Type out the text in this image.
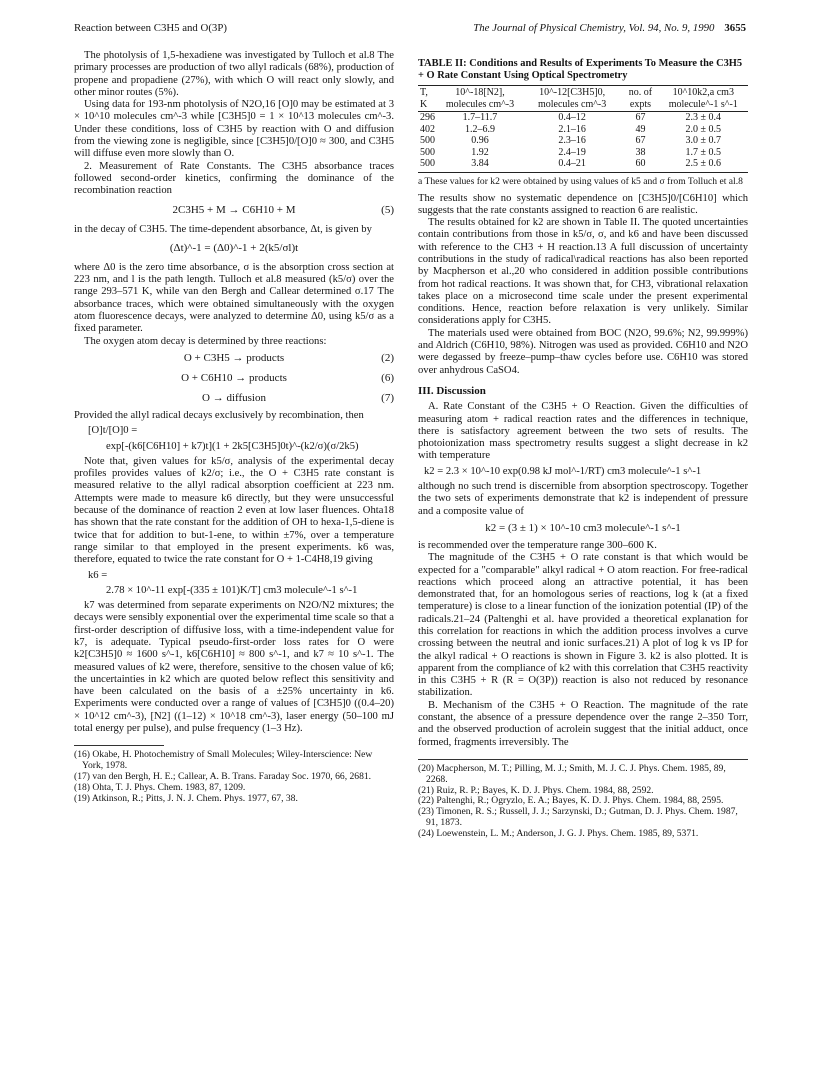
Reaction between C3H5 and O(3P)	The Journal of Physical Chemistry, Vol. 94, No. 9, 1990 3655

The photolysis of 1,5-hexadiene was investigated by Tulloch et al.8 The primary processes are production of two allyl radicals (68%), production of propene and propadiene (27%), with which O will react only slowly, and other minor routes (5%).

Using data for 193-nm photolysis of N2O,16 [O]0 may be estimated at 3 × 10^10 molecules cm^-3 while [C3H5]0 = 1 × 10^13 molecules cm^-3. Under these conditions, loss of C3H5 by reaction with O and diffusion from the viewing zone is negligible, since [C3H5]0/[O]0 ≈ 300, and C3H5 will diffuse even more slowly than O.

2. Measurement of Rate Constants. The C3H5 absorbance traces followed second-order kinetics, confirming the dominance of the recombination reaction

2C3H5 + M → C6H10 + M	(5)

in the decay of C3H5. The time-dependent absorbance, Δt, is given by

(Δt)^-1 = (Δ0)^-1 + 2(k5/σl)t

where Δ0 is the zero time absorbance, σ is the absorption cross section at 223 nm, and l is the path length. Tulloch et al.8 measured (k5/σ) over the range 293–571 K, while van den Bergh and Callear determined σ.17 The absorbance traces, which were obtained simultaneously with the oxygen atom fluorescence decays, were analyzed to determine Δ0, using k5/σ as a fixed parameter.

The oxygen atom decay is determined by three reactions:

O + C3H5 → products	(2)
O + C6H10 → products	(6)
O → diffusion	(7)

Provided the allyl radical decays exclusively by recombination, then

[O]t/[O]0 =
exp[-(k6[C6H10] + k7)t](1 + 2k5[C3H5]0t)^-(k2/σ)(σ/2k5)

Note that, given values for k5/σ, analysis of the experimental decay profiles provides values of k2/σ; i.e., the O + C3H5 rate constant is measured relative to the allyl radical absorption coefficient at 223 nm. Attempts were made to measure k6 directly, but they were unsuccessful because of the dominance of reaction 2 even at low laser fluences. Ohta18 has shown that the rate constant for the addition of OH to hexa-1,5-diene is twice that for addition to but-1-ene, to within ±7%, over a temperature range similar to that employed in the present experiments. k6 was, therefore, equated to twice the rate constant for O + 1-C4H8,19 giving

k6 =
2.78 × 10^-11 exp[-(335 ± 101)K/T] cm3 molecule^-1 s^-1

k7 was determined from separate experiments on N2O/N2 mixtures; the decays were sensibly exponential over the experimental time scale so that a first-order description of diffusive loss, with a time-independent value for k7, is adequate. Typical pseudo-first-order loss rates for O were k2[C3H5]0 ≈ 1600 s^-1, k6[C6H10] ≈ 800 s^-1, and k7 ≈ 10 s^-1. The measured values of k2 were, therefore, sensitive to the chosen value of k6; the uncertainties in k2 which are quoted below reflect this sensitivity and have been calculated on the basis of a ±25% uncertainty in k6. Experiments were conducted over a range of values of [C3H5]0 ((0.4–20) × 10^12 cm^-3), [N2] ((1–12) × 10^18 cm^-3), laser energy (50–100 mJ total energy per pulse), and pulse frequency (1–3 Hz).

(16) Okabe, H. Photochemistry of Small Molecules; Wiley-Interscience: New York, 1978.
(17) van den Bergh, H. E.; Callear, A. B. Trans. Faraday Soc. 1970, 66, 2681.
(18) Ohta, T. J. Phys. Chem. 1983, 87, 1209.
(19) Atkinson, R.; Pitts, J. N. J. Chem. Phys. 1977, 67, 38.
TABLE II: Conditions and Results of Experiments To Measure the C3H5 + O Rate Constant Using Optical Spectrometry
T, K	10^-18[N2], molecules cm^-3	10^-12[C3H5]0, molecules cm^-3	no. of expts	10^10k2,a cm3 molecule^-1 s^-1
296	1.7–11.7	0.4–12	67	2.3 ± 0.4
402	1.2–6.9	2.1–16	49	2.0 ± 0.5
500	0.96	2.3–16	67	3.0 ± 0.7
500	1.92	2.4–19	38	1.7 ± 0.5
500	3.84	0.4–21	60	2.5 ± 0.6
a These values for k2 were obtained by using values of k5 and σ from Tolluch et al.8

The results show no systematic dependence on [C3H5]0/[C6H10] which suggests that the rate constants assigned to reaction 6 are realistic.

The results obtained for k2 are shown in Table II. The quoted uncertainties contain contributions from those in k5/σ, σ, and k6 and have been discussed with reference to the CH3 + H reaction.13 A full discussion of uncertainty contributions in the study of radical\radical reactions has also been reported by Macpherson et al.,20 who considered in addition possible contributions from hot radical reactions. It was shown that, for CH3, vibrational relaxation takes place on a microsecond time scale under the present experimental conditions. Hence, reaction before relaxation is very unlikely. Similar considerations apply for C3H5.

The materials used were obtained from BOC (N2O, 99.6%; N2, 99.999%) and Aldrich (C6H10, 98%). Nitrogen was used as provided. C6H10 and N2O were degassed by freeze–pump–thaw cycles before use. C6H10 was stored over anhydrous CaSO4.

III. Discussion

A. Rate Constant of the C3H5 + O Reaction. Given the difficulties of measuring atom + radical reaction rates and the differences in technique, there is satisfactory agreement between the two sets of results. The photoionization mass spectrometry results suggest a slight decrease in k2 with temperature

k2 = 2.3 × 10^-10 exp(0.98 kJ mol^-1/RT) cm3 molecule^-1 s^-1

although no such trend is discernible from absorption spectroscopy. Together the two sets of experiments demonstrate that k2 is independent of pressure and a composite value of

k2 = (3 ± 1) × 10^-10 cm3 molecule^-1 s^-1

is recommended over the temperature range 300–600 K.

The magnitude of the C3H5 + O rate constant is that which would be expected for a "comparable" alkyl radical + O atom reaction. For free-radical reactions which proceed along an attractive potential, it has been demonstrated that, for an homologous series of reactions, log k (at a fixed temperature) is close to a linear function of the ionization potential (IP) of the radicals.21–24 (Paltenghi et al. have provided a theoretical explanation for this correlation for reactions in which the addition process involves a curve crossing between the neutral and ionic surfaces.21) A plot of log k vs IP for the alkyl radical + O reactions is shown in Figure 3. k2 is also plotted. It is apparent from the compliance of k2 with this correlation that C3H5 reactivity in this C3H5 + R (R = O(3P)) reaction is also not reduced by resonance stabilization.

B. Mechanism of the C3H5 + O Reaction. The magnitude of the rate constant, the absence of a pressure dependence over the range 2–350 Torr, and the observed production of acrolein suggest that the initial adduct, once formed, fragments irreversibly. The

(20) Macpherson, M. T.; Pilling, M. J.; Smith, M. J. C. J. Phys. Chem. 1985, 89, 2268.
(21) Ruiz, R. P.; Bayes, K. D. J. Phys. Chem. 1984, 88, 2592.
(22) Paltenghi, R.; Ogryzlo, E. A.; Bayes, K. D. J. Phys. Chem. 1984, 88, 2595.
(23) Timonen, R. S.; Russell, J. J.; Sarzynski, D.; Gutman, D. J. Phys. Chem. 1987, 91, 1873.
(24) Loewenstein, L. M.; Anderson, J. G. J. Phys. Chem. 1985, 89, 5371.
